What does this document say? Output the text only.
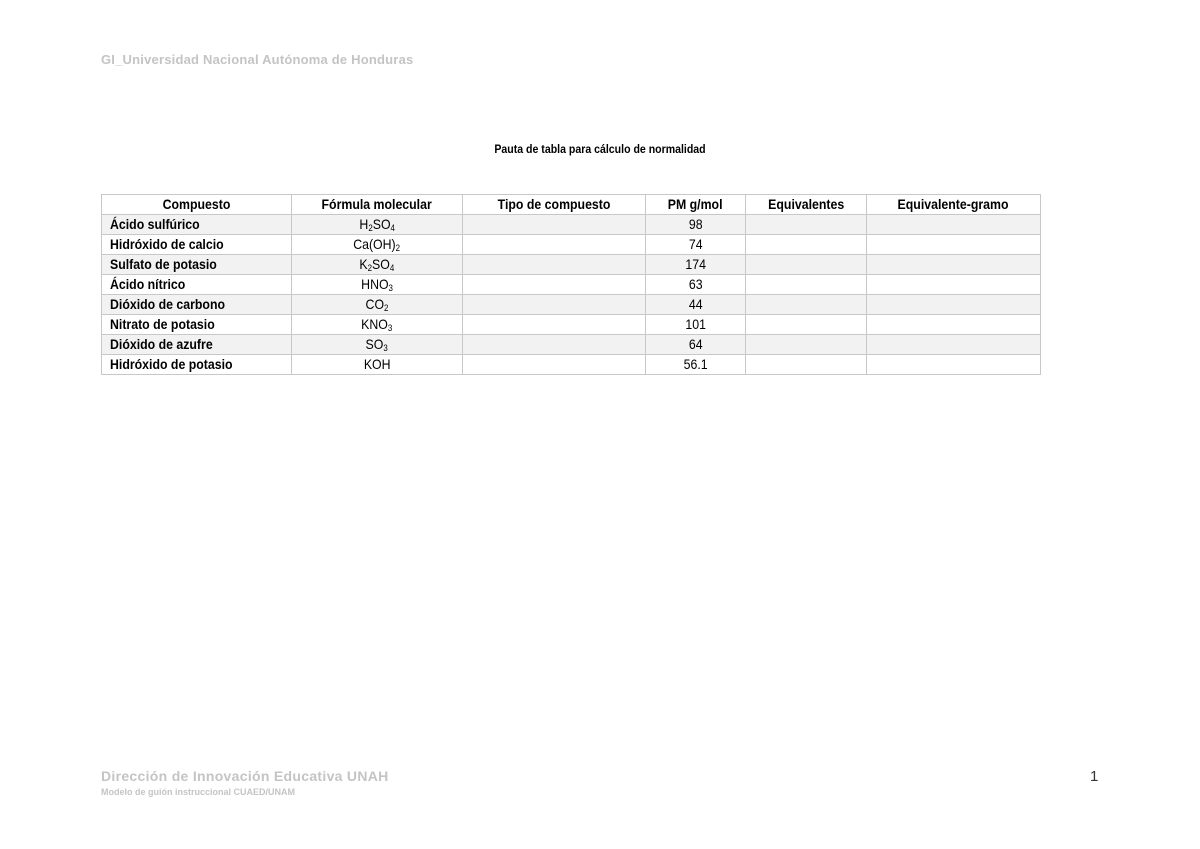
GI_Universidad Nacional Autónoma de Honduras
Pauta de tabla para cálculo de normalidad
Compuesto	Fórmula molecular	Tipo de compuesto	PM g/mol	Equivalentes	Equivalente-gramo
Ácido sulfúrico	$H_2SO_4$		98		
Hidróxido de calcio	$Ca(OH)_2$		74		
Sulfato de potasio	$K_2SO_4$		174		
Ácido nítrico	$HNO_3$		63		
Dióxido de carbono	$CO_2$		44		
Nitrato de potasio	$KNO_3$		101		
Dióxido de azufre	$SO_3$		64		
Hidróxido de potasio	KOH		56.1		
Dirección de Innovación Educativa UNAH
Modelo de guión instruccional CUAED/UNAM
1
